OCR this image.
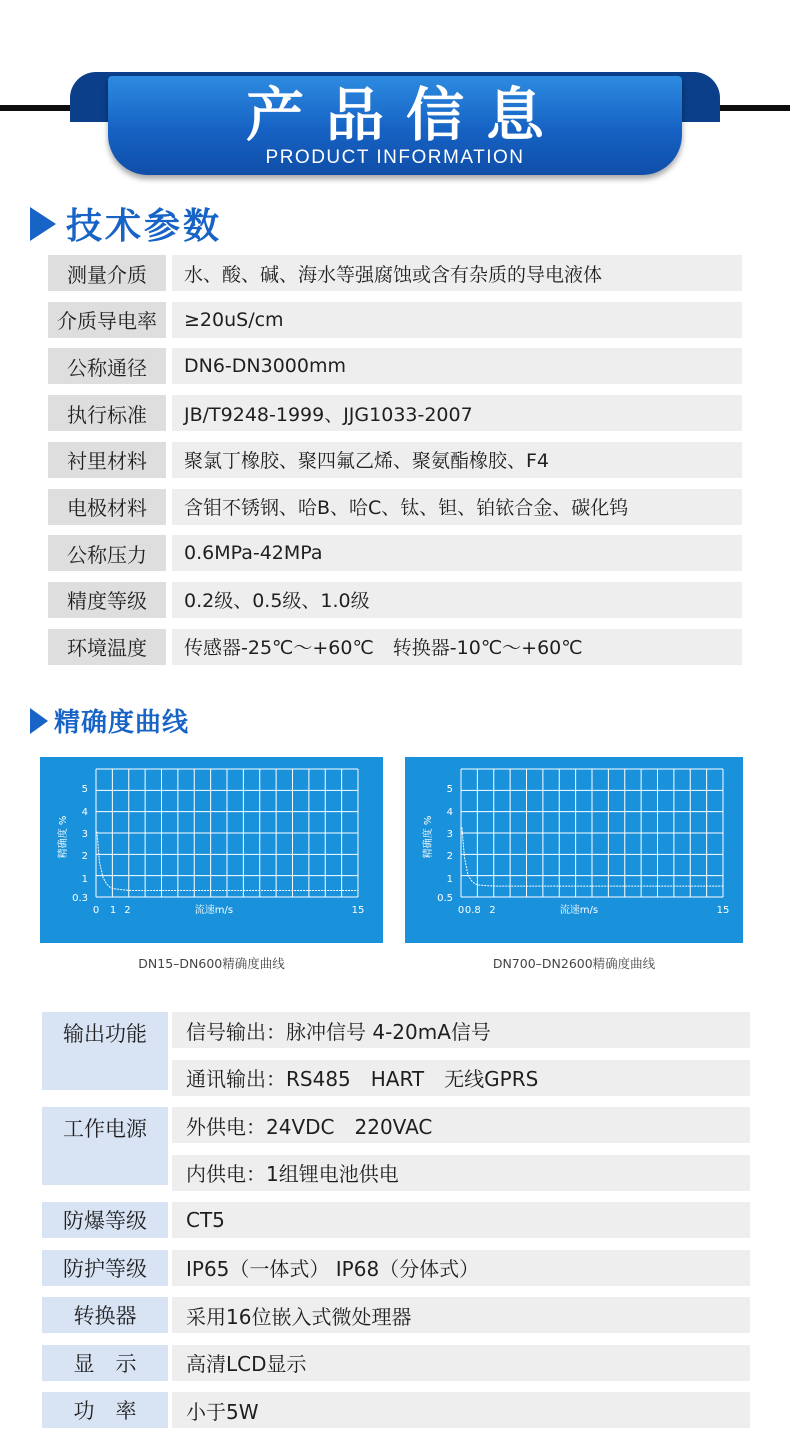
产品信息
PRODUCT INFORMATION
技术参数
测量介质	水、酸、碱、海水等强腐蚀或含有杂质的导电液体
介质导电率	≥20uS/cm
公称通径	DN6-DN3000mm
执行标准	JB/T9248-1999、JJG1033-2007
衬里材料	聚氯丁橡胶、聚四氟乙烯、聚氨酯橡胶、F4
电极材料	含钼不锈钢、哈B、哈C、钛、钽、铂铱合金、碳化钨
公称压力	0.6MPa-42MPa
精度等级	0.2级、0.5级、1.0级
环境温度	传感器-25℃～+60℃　转换器-10℃～+60℃
精确度曲线
0.3
1
2
3
4
5
0 1 2	15
流速m/s
精确度 %
DN15–DN600精确度曲线
0.5
1
2
3
4
5
0 0.8 2	15
流速m/s
精确度 %
DN700–DN2600精确度曲线
输出功能	信号输出：脉冲信号 4-20mA信号
通讯输出：RS485　HART　无线GPRS
工作电源	外供电：24VDC　220VAC
内供电：1组锂电池供电
防爆等级	CT5
防护等级	IP65（一体式） IP68（分体式）
转换器	采用16位嵌入式微处理器
显　示	高清LCD显示
功　率	小于5W
